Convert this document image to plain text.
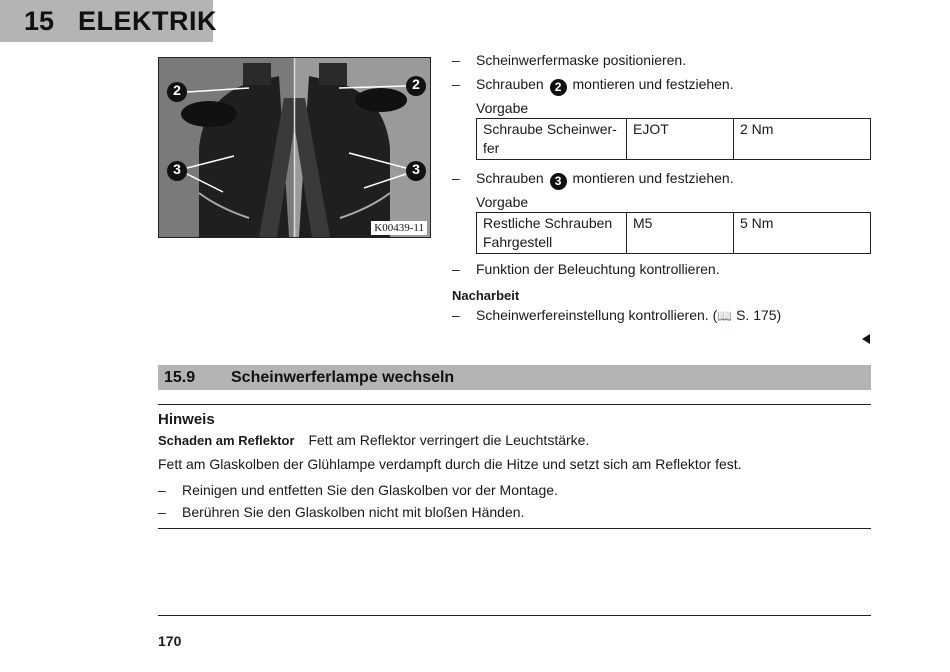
15 ELEKTRIK
2	2
3	3
K00439-11
–	Scheinwerfermaske positionieren.
–	Schrauben 2 montieren und festziehen.
Vorgabe
Schraube Scheinwer-
fer
	EJOT	2 Nm
–	Schrauben 3 montieren und festziehen.
Vorgabe
Restliche Schrauben
Fahrgestell
	M5	5 Nm
–	Funktion der Beleuchtung kontrollieren.
Nacharbeit
–	Scheinwerfereinstellung kontrollieren. (📖 S. 175)
15.9	Scheinwerferlampe wechseln
Hinweis
Schaden am Reflektor Fett am Reflektor verringert die Leuchtstärke.
Fett am Glaskolben der Glühlampe verdampft durch die Hitze und setzt sich am Reflektor fest.
–	Reinigen und entfetten Sie den Glaskolben vor der Montage.
–	Berühren Sie den Glaskolben nicht mit bloßen Händen.
170
